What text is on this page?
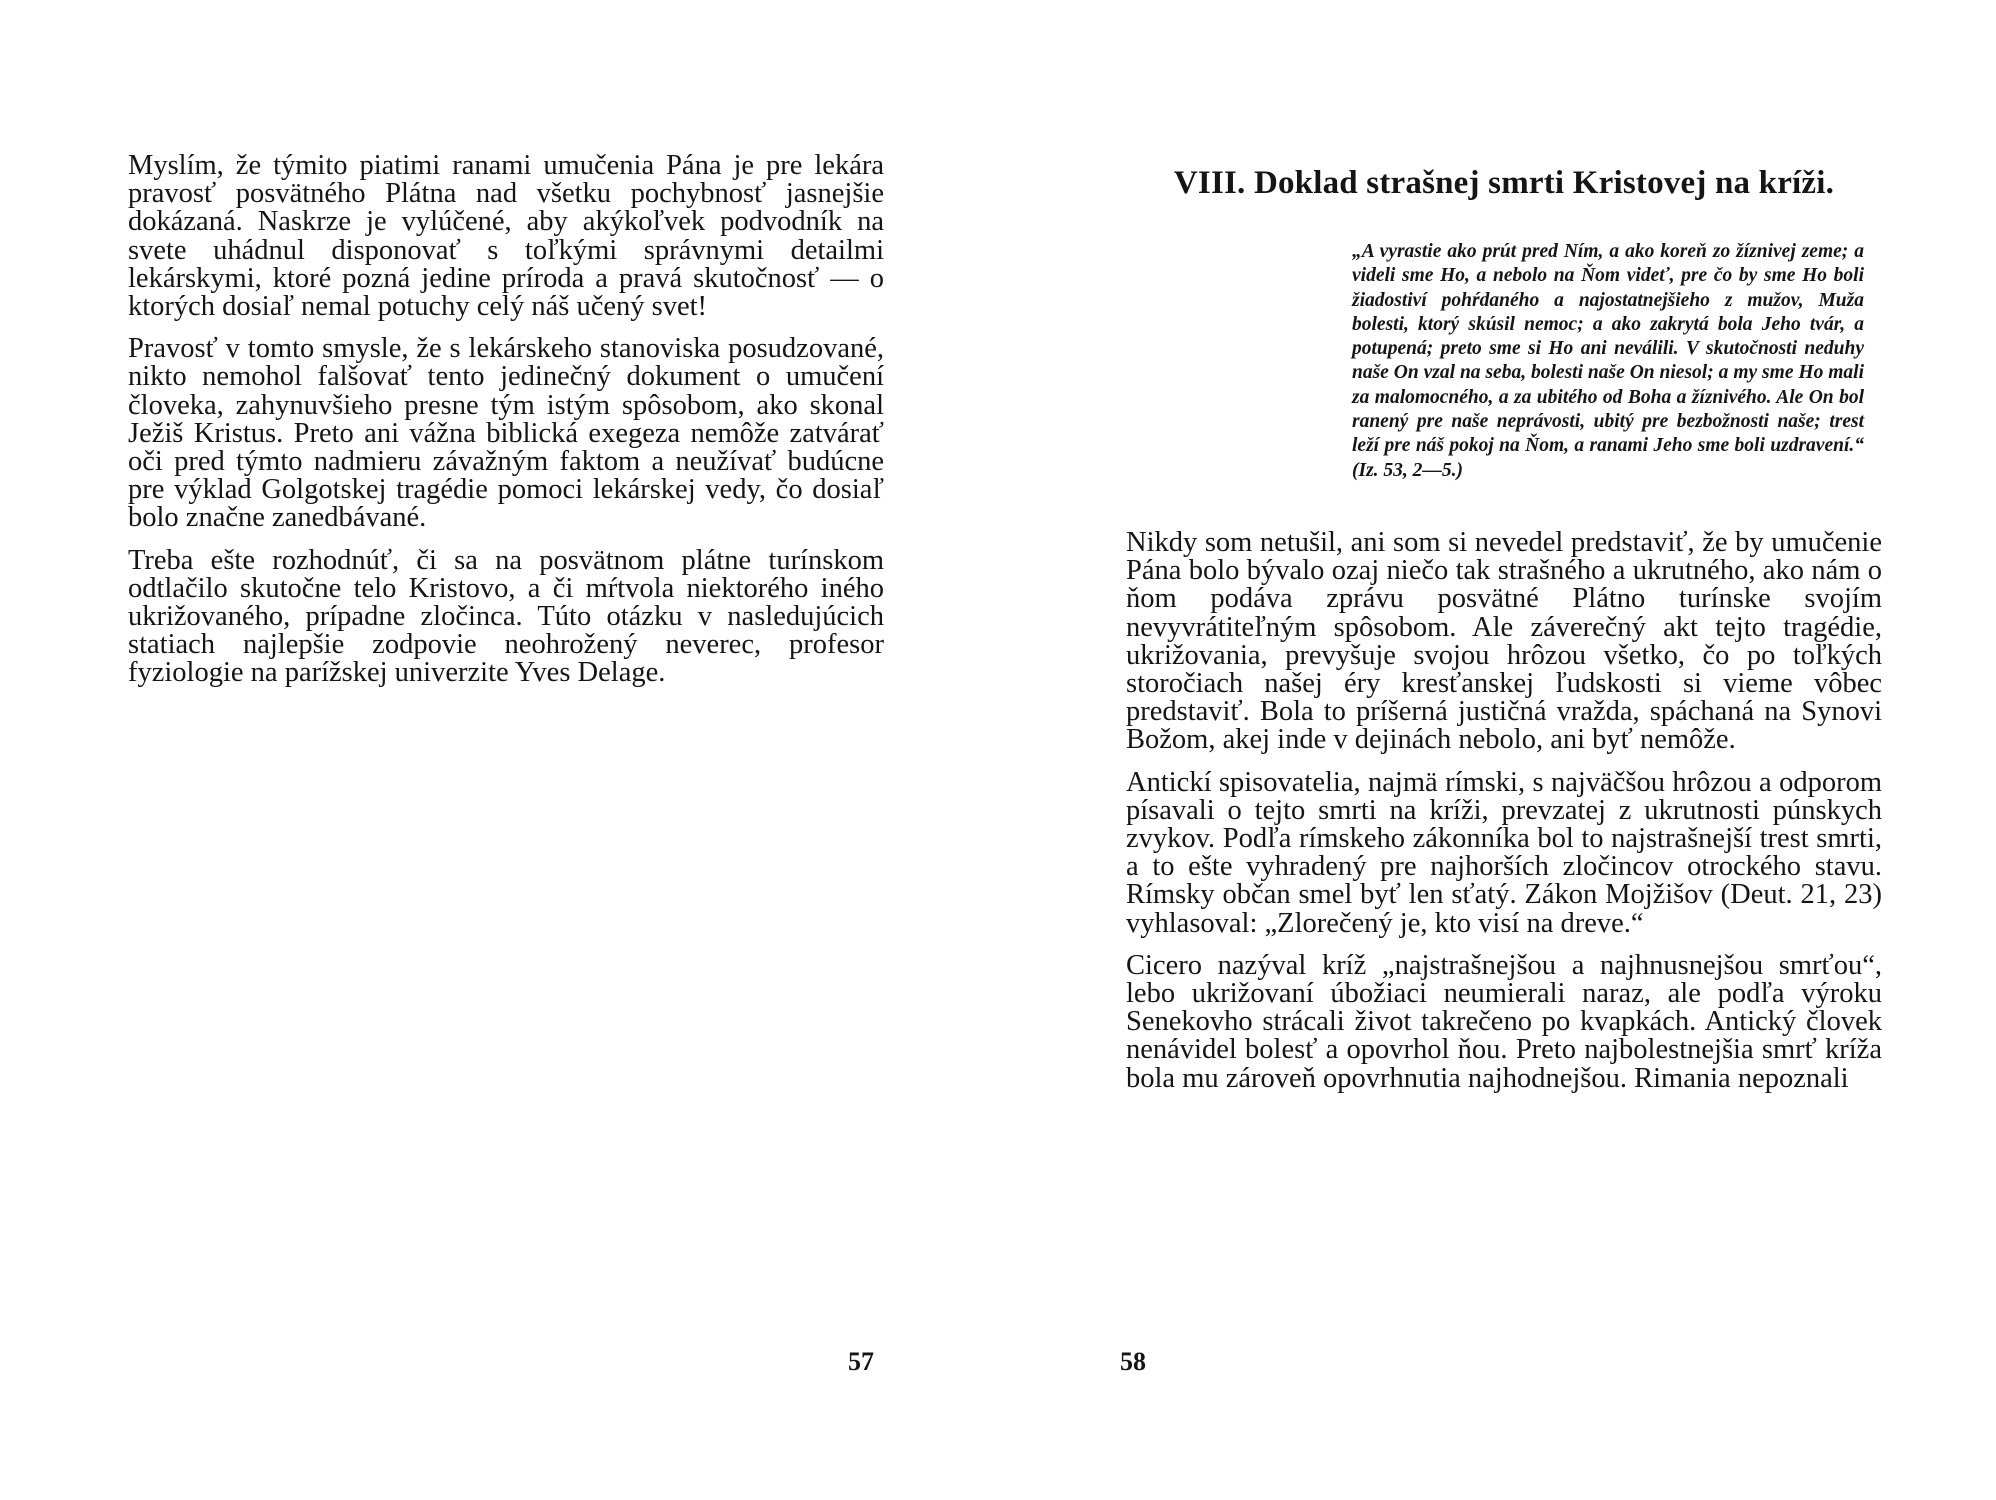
Myslím, že týmito piatimi ranami umučenia Pána je pre lekára pravosť posvätného Plátna nad všetku pochybnosť jasnejšie dokázaná. Naskrze je vylúčené, aby akýkoľvek podvodník na svete uhádnul disponovať s toľkými správnymi detailmi lekárskymi, ktoré pozná jedine príroda a pravá skutočnosť — o ktorých dosiaľ nemal potuchy celý náš učený svet!

Pravosť v tomto smysle, že s lekárskeho stanoviska posudzované, nikto nemohol falšovať tento jedinečný dokument o umučení človeka, zahynuvšieho presne tým istým spôsobom, ako skonal Ježiš Kristus. Preto ani vážna biblická exegeza nemôže zatvárať oči pred týmto nadmieru závažným faktom a neužívať budúcne pre výklad Golgotskej tragédie pomoci lekárskej vedy, čo dosiaľ bolo značne zanedbávané.

Treba ešte rozhodnúť, či sa na posvätnom plátne turínskom odtlačilo skutočne telo Kristovo, a či mŕtvola niektorého iného ukrižovaného, prípadne zločinca. Túto otázku v nasledujúcich statiach najlepšie zodpovie neohrožený neverec, profesor fyziologie na parížskej univerzite Yves Delage.

57
VIII. Doklad strašnej smrti Kristovej na kríži.
„A vyrastie ako prút pred Ním, a ako koreň zo žíznivej zeme; a videli sme Ho, a nebolo na Ňom videť, pre čo by sme Ho boli žiadostiví pohŕdaného a najostatnejšieho z mužov, Muža bolesti, ktorý skúsil nemoc; a ako zakrytá bola Jeho tvár, a potupená; preto sme si Ho ani neválili. V skutočnosti neduhy naše On vzal na seba, bolesti naše On niesol; a my sme Ho mali za malomocného, a za ubitého od Boha a žíznivého. Ale On bol ranený pre naše neprávosti, ubitý pre bezbožnosti naše; trest leží pre náš pokoj na Ňom, a ranami Jeho sme boli uzdravení.“ (Iz. 53, 2—5.)

Nikdy som netušil, ani som si nevedel predstaviť, že by umučenie Pána bolo bývalo ozaj niečo tak strašného a ukrutného, ako nám o ňom podáva zprávu posvätné Plátno turínske svojím nevyvrátiteľným spôsobom. Ale záverečný akt tejto tragédie, ukrižovania, prevyšuje svojou hrôzou všetko, čo po toľkých storočiach našej éry kresťanskej ľudskosti si vieme vôbec predstaviť. Bola to príšerná justičná vražda, spáchaná na Synovi Božom, akej inde v dejinách nebolo, ani byť nemôže.

Antickí spisovatelia, najmä rímski, s najväčšou hrôzou a odporom písavali o tejto smrti na kríži, prevzatej z ukrutnosti púnskych zvykov. Podľa rímskeho zákonníka bol to najstrašnejší trest smrti, a to ešte vyhradený pre najhorších zločincov otrockého stavu. Rímsky občan smel byť len sťatý. Zákon Mojžišov (Deut. 21, 23) vyhlasoval: „Zlorečený je, kto visí na dreve.“

Cicero nazýval kríž „najstrašnejšou a najhnusnejšou smrťou“, lebo ukrižovaní úbožiaci neumierali naraz, ale podľa výroku Senekovho strácali život takrečeno po kvapkách. Antický človek nenávidel bolesť a opovrhol ňou. Preto najbolestnejšia smrť kríža bola mu zároveň opovrhnutia najhodnejšou. Rimania nepoznali

58
